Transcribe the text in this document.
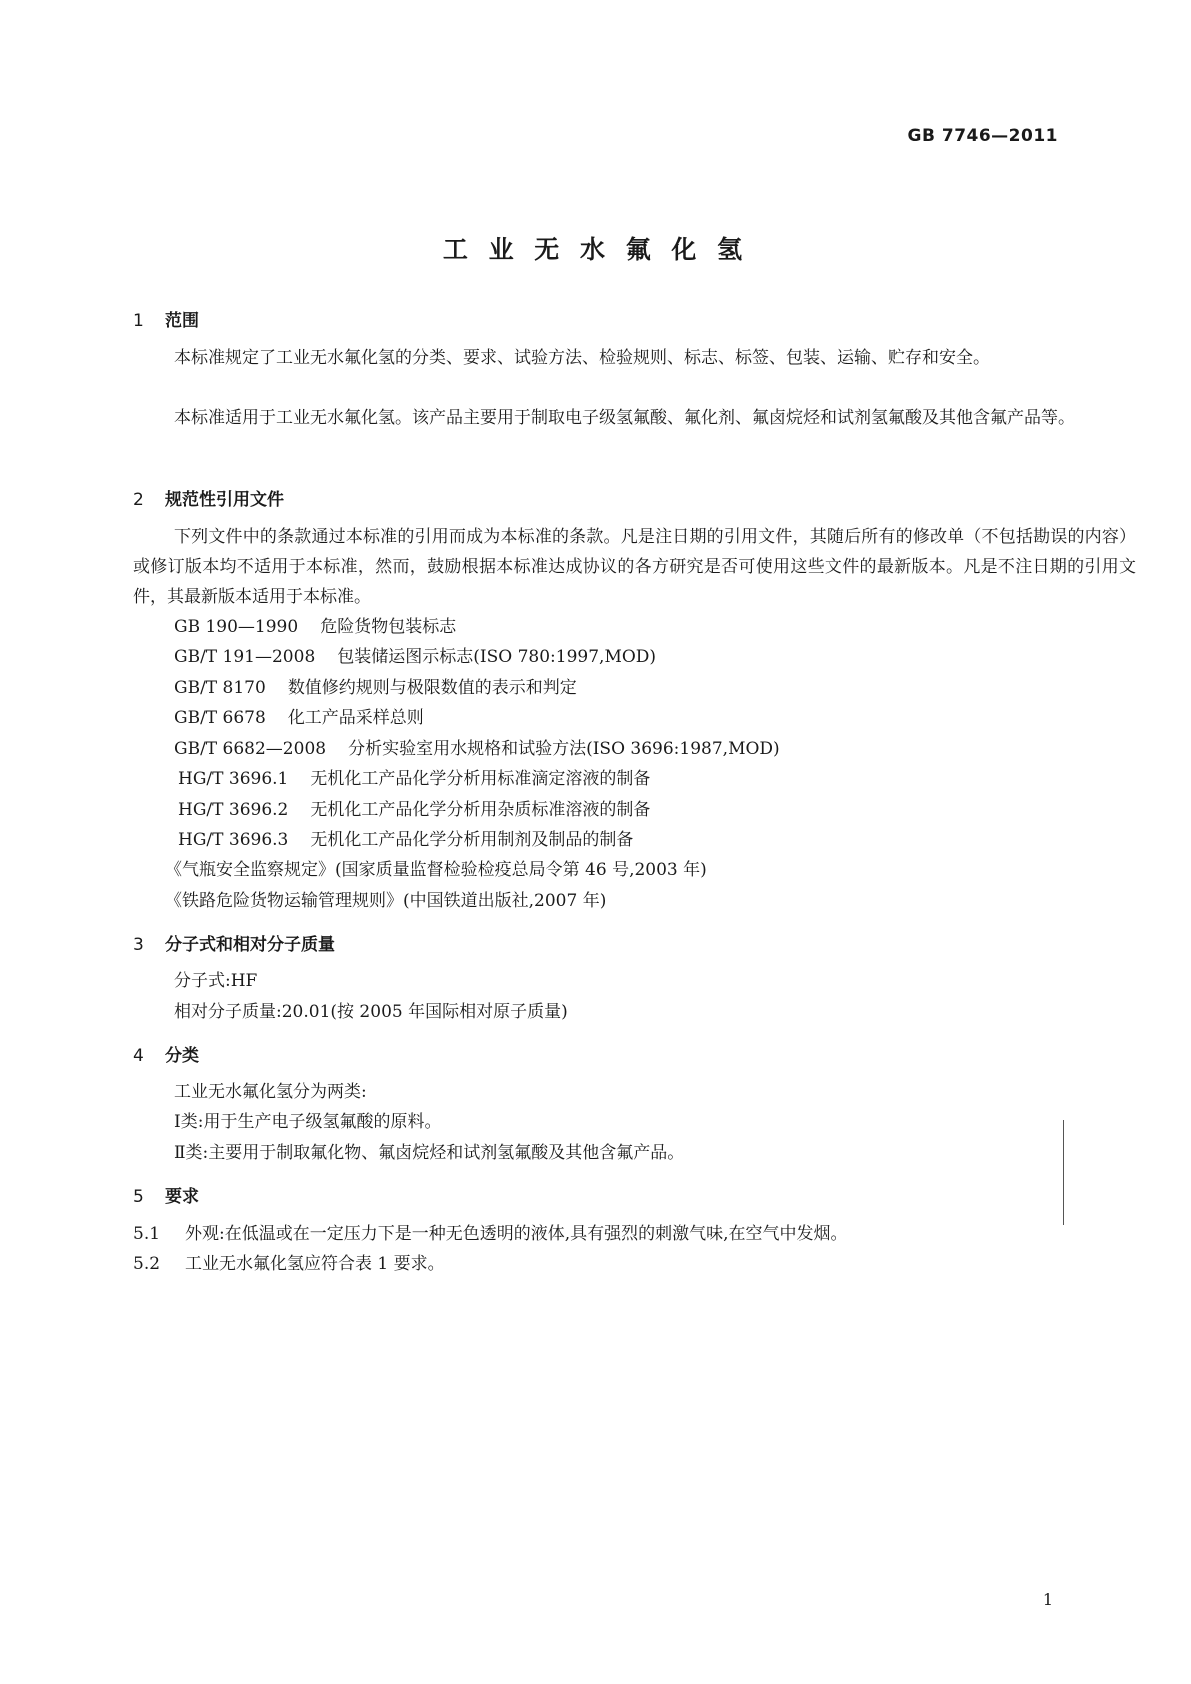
GB 7746—2011
工 业 无 水 氟 化 氢
1 范围
本标准规定了工业无水氟化氢的分类、要求、试验方法、检验规则、标志、标签、包装、运输、贮存和安全。
本标准适用于工业无水氟化氢。该产品主要用于制取电子级氢氟酸、氟化剂、氟卤烷烃和试剂氢氟酸及其他含氟产品等。
2 规范性引用文件
下列文件中的条款通过本标准的引用而成为本标准的条款。凡是注日期的引用文件，其随后所有的修改单（不包括勘误的内容）或修订版本均不适用于本标准，然而，鼓励根据本标准达成协议的各方研究是否可使用这些文件的最新版本。凡是不注日期的引用文件，其最新版本适用于本标准。
GB 190—1990 危险货物包装标志
GB/T 191—2008 包装储运图示标志(ISO 780:1997,MOD)
GB/T 8170 数值修约规则与极限数值的表示和判定
GB/T 6678 化工产品采样总则
GB/T 6682—2008 分析实验室用水规格和试验方法(ISO 3696:1987,MOD)
HG/T 3696.1 无机化工产品化学分析用标准滴定溶液的制备
HG/T 3696.2 无机化工产品化学分析用杂质标准溶液的制备
HG/T 3696.3 无机化工产品化学分析用制剂及制品的制备
《气瓶安全监察规定》(国家质量监督检验检疫总局令第 46 号,2003 年)
《铁路危险货物运输管理规则》(中国铁道出版社,2007 年)
3 分子式和相对分子质量
分子式:HF
相对分子质量:20.01(按 2005 年国际相对原子质量)
4 分类
工业无水氟化氢分为两类:
Ⅰ类:用于生产电子级氢氟酸的原料。
Ⅱ类:主要用于制取氟化物、氟卤烷烃和试剂氢氟酸及其他含氟产品。
5 要求
5.1 外观:在低温或在一定压力下是一种无色透明的液体,具有强烈的刺激气味,在空气中发烟。
5.2 工业无水氟化氢应符合表 1 要求。
1
